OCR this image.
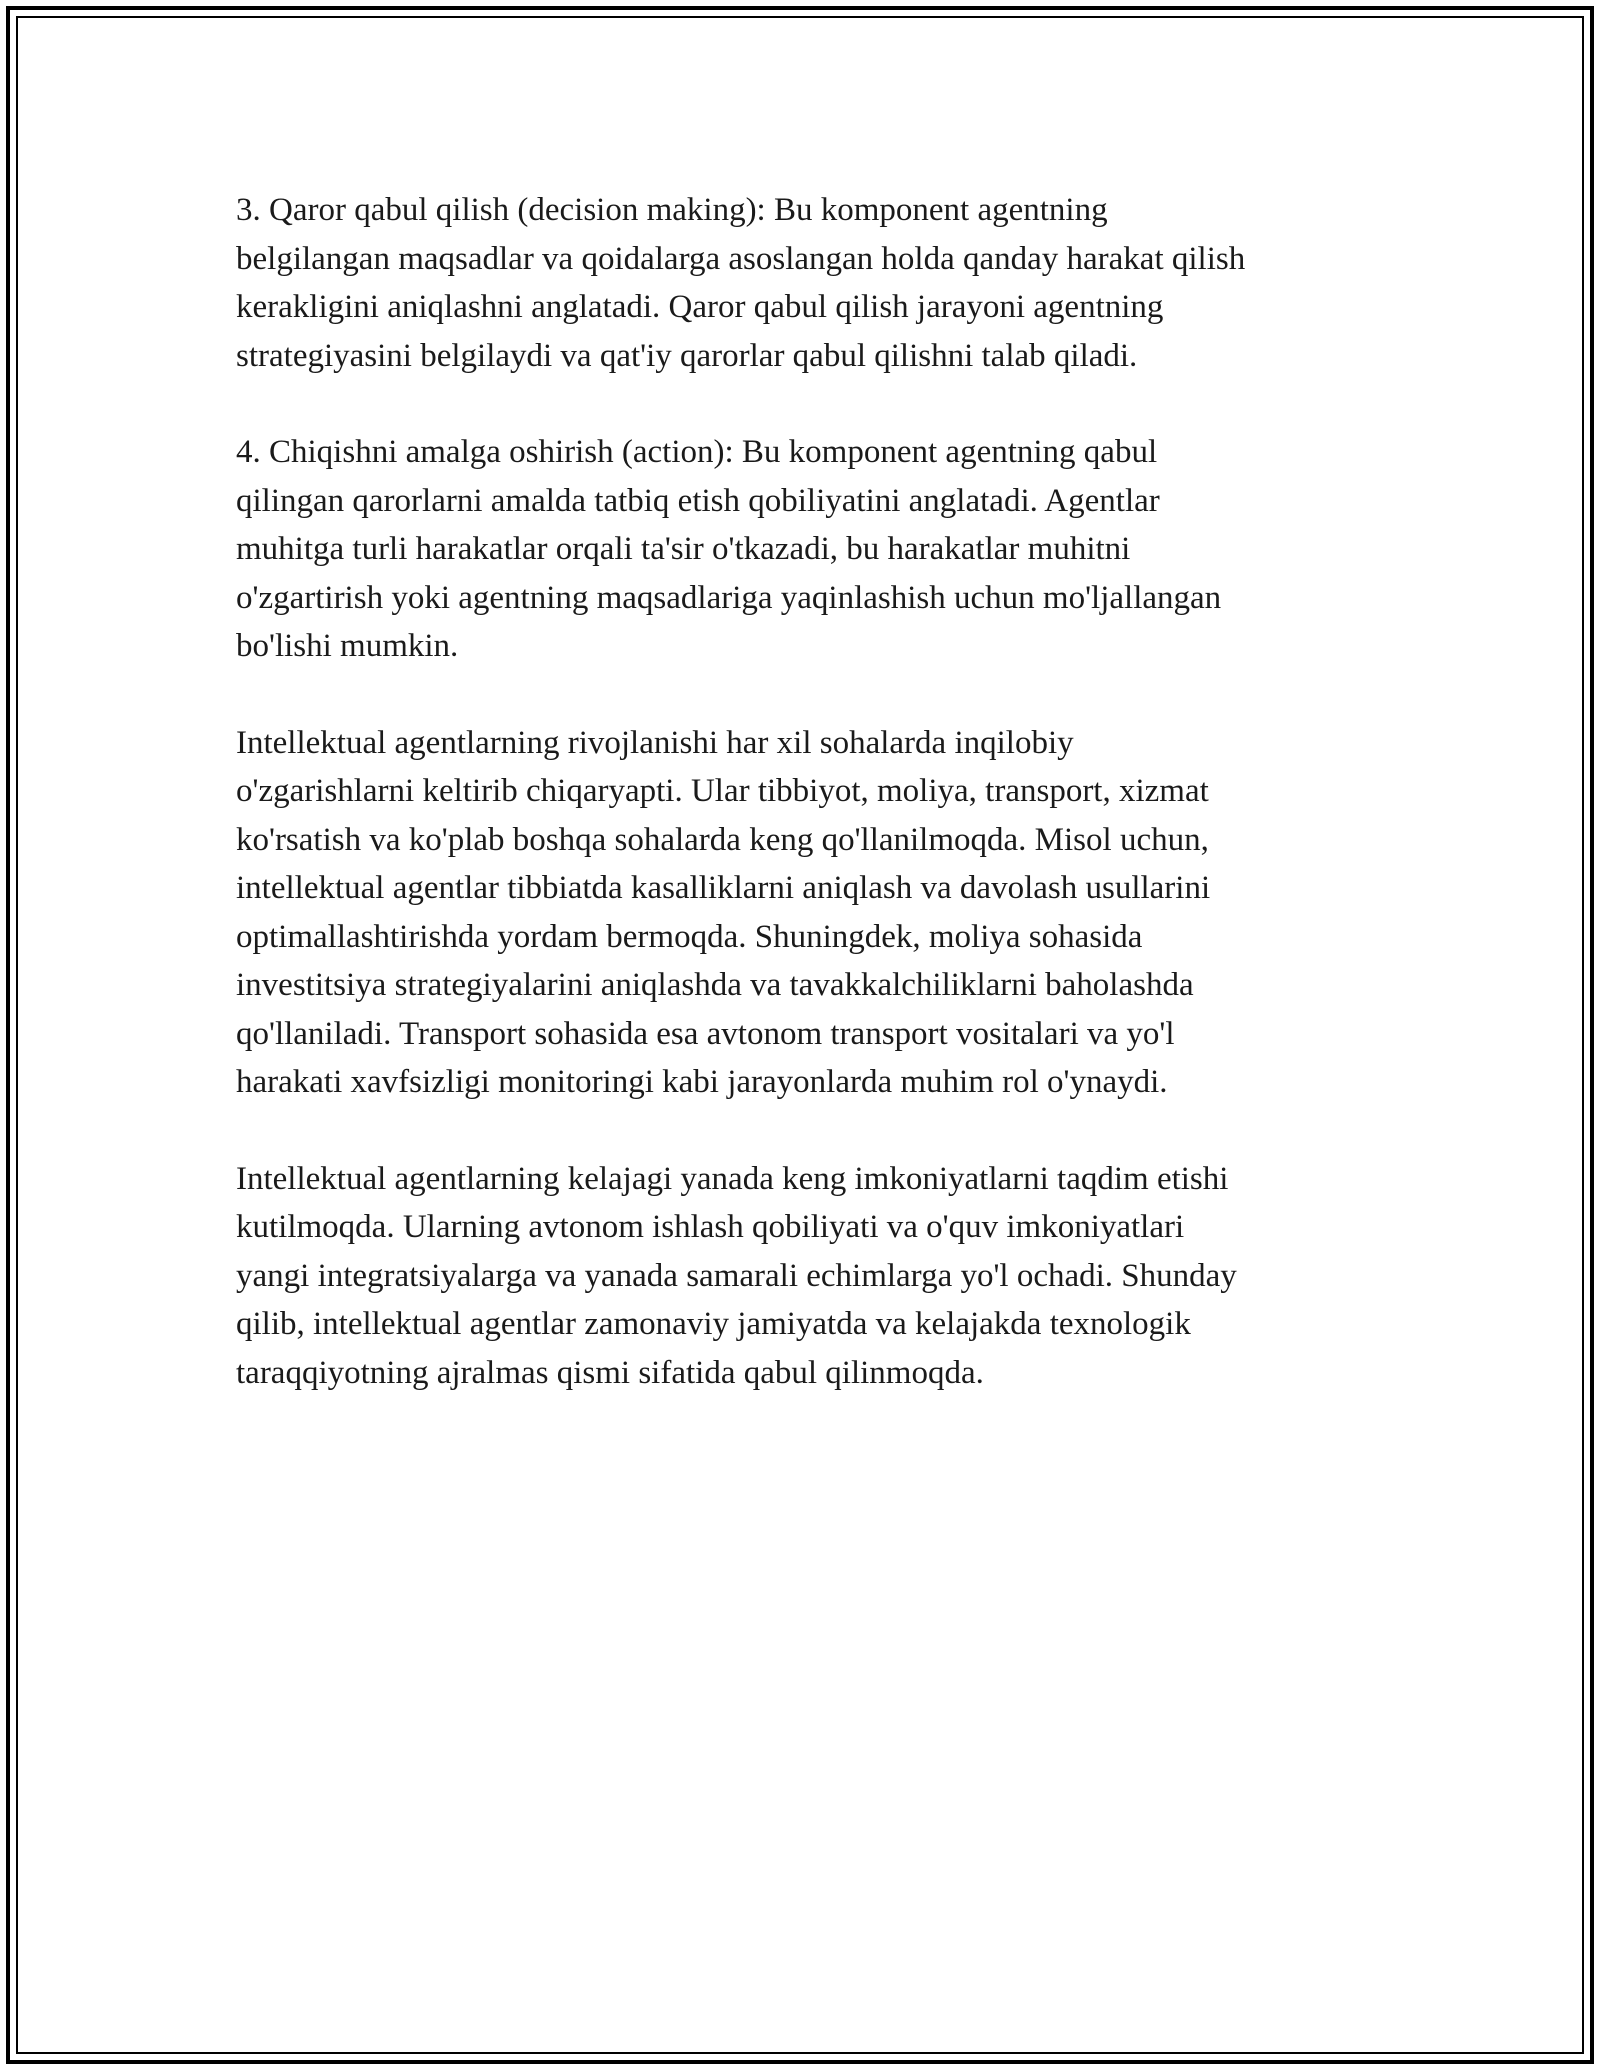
3. Qaror qabul qilish (decision making): Bu komponent agentning
belgilangan maqsadlar va qoidalarga asoslangan holda qanday harakat qilish
kerakligini aniqlashni anglatadi. Qaror qabul qilish jarayoni agentning
strategiyasini belgilaydi va qat'iy qarorlar qabul qilishni talab qiladi.

4. Chiqishni amalga oshirish (action): Bu komponent agentning qabul
qilingan qarorlarni amalda tatbiq etish qobiliyatini anglatadi. Agentlar
muhitga turli harakatlar orqali ta'sir o'tkazadi, bu harakatlar muhitni
o'zgartirish yoki agentning maqsadlariga yaqinlashish uchun mo'ljallangan
bo'lishi mumkin.

Intellektual agentlarning rivojlanishi har xil sohalarda inqilobiy
o'zgarishlarni keltirib chiqaryapti. Ular tibbiyot, moliya, transport, xizmat
ko'rsatish va ko'plab boshqa sohalarda keng qo'llanilmoqda. Misol uchun,
intellektual agentlar tibbiatda kasalliklarni aniqlash va davolash usullarini
optimallashtirishda yordam bermoqda. Shuningdek, moliya sohasida
investitsiya strategiyalarini aniqlashda va tavakkalchiliklarni baholashda
qo'llaniladi. Transport sohasida esa avtonom transport vositalari va yo'l
harakati xavfsizligi monitoringi kabi jarayonlarda muhim rol o'ynaydi.

Intellektual agentlarning kelajagi yanada keng imkoniyatlarni taqdim etishi
kutilmoqda. Ularning avtonom ishlash qobiliyati va o'quv imkoniyatlari
yangi integratsiyalarga va yanada samarali echimlarga yo'l ochadi. Shunday
qilib, intellektual agentlar zamonaviy jamiyatda va kelajakda texnologik
taraqqiyotning ajralmas qismi sifatida qabul qilinmoqda.
